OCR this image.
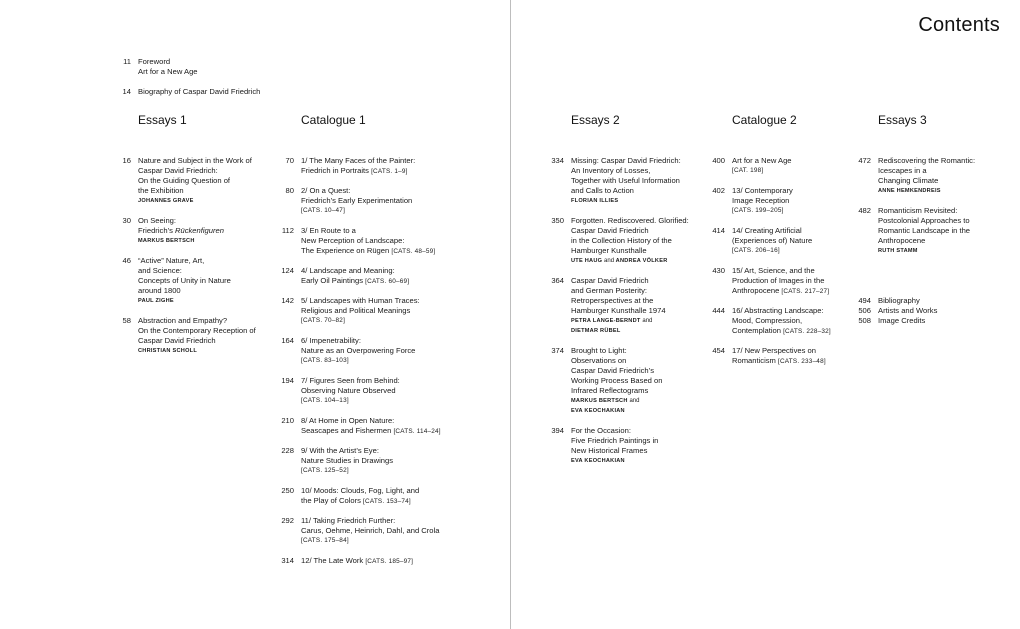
Contents
11 Foreword
Art for a New Age
14 Biography of Caspar David Friedrich
Essays 1
16 Nature and Subject in the Work of
Caspar David Friedrich:
On the Guiding Question of
the Exhibition
JOHANNES GRAVE
30 On Seeing:
Friedrich’s Rückenfiguren
MARKUS BERTSCH
46 “Active” Nature, Art,
and Science:
Concepts of Unity in Nature
around 1800
PAUL ZIGHE
58 Abstraction and Empathy?
On the Contemporary Reception of
Caspar David Friedrich
CHRISTIAN SCHOLL
Catalogue 1
70 1/ The Many Faces of the Painter:
Friedrich in Portraits [CATS. 1–9]
80 2/ On a Quest:
Friedrich’s Early Experimentation
[CATS. 10–47]
112 3/ En Route to a
New Perception of Landscape:
The Experience on Rügen [CATS. 48–59]
124 4/ Landscape and Meaning:
Early Oil Paintings [CATS. 60–69]
142 5/ Landscapes with Human Traces:
Religious and Political Meanings
[CATS. 70–82]
164 6/ Impenetrability:
Nature as an Overpowering Force
[CATS. 83–103]
194 7/ Figures Seen from Behind:
Observing Nature Observed
[CATS. 104–13]
210 8/ At Home in Open Nature:
Seascapes and Fishermen [CATS. 114–24]
228 9/ With the Artist’s Eye:
Nature Studies in Drawings
[CATS. 125–52]
250 10/ Moods: Clouds, Fog, Light, and
the Play of Colors [CATS. 153–74]
292 11/ Taking Friedrich Further:
Carus, Oehme, Heinrich, Dahl, and Crola
[CATS. 175–84]
314 12/ The Late Work [CATS. 185–97]
Essays 2
334 Missing: Caspar David Friedrich:
An Inventory of Losses,
Together with Useful Information
and Calls to Action
FLORIAN ILLIES
350 Forgotten. Rediscovered. Glorified:
Caspar David Friedrich
in the Collection History of the
Hamburger Kunsthalle
UTE HAUG and ANDREA VÖLKER
364 Caspar David Friedrich
and German Posterity:
Retroperspectives at the
Hamburger Kunsthalle 1974
PETRA LANGE-BERNDT and
DIETMAR RÜBEL
374 Brought to Light:
Observations on
Caspar David Friedrich’s
Working Process Based on
Infrared Reflectograms
MARKUS BERTSCH and
EVA KEOCHAKIAN
394 For the Occasion:
Five Friedrich Paintings in
New Historical Frames
EVA KEOCHAKIAN
Catalogue 2
400 Art for a New Age
[CAT. 198]
402 13/ Contemporary
Image Reception
[CATS. 199–205]
414 14/ Creating Artificial
(Experiences of) Nature
[CATS. 206–16]
430 15/ Art, Science, and the
Production of Images in the
Anthropocene [CATS. 217–27]
444 16/ Abstracting Landscape:
Mood, Compression,
Contemplation [CATS. 228–32]
454 17/ New Perspectives on
Romanticism [CATS. 233–48]
Essays 3
472 Rediscovering the Romantic:
Icescapes in a
Changing Climate
ANNE HEMKENDREIS
482 Romanticism Revisited:
Postcolonial Approaches to
Romantic Landscape in the
Anthropocene
RUTH STAMM
494 Bibliography
506 Artists and Works
508 Image Credits
